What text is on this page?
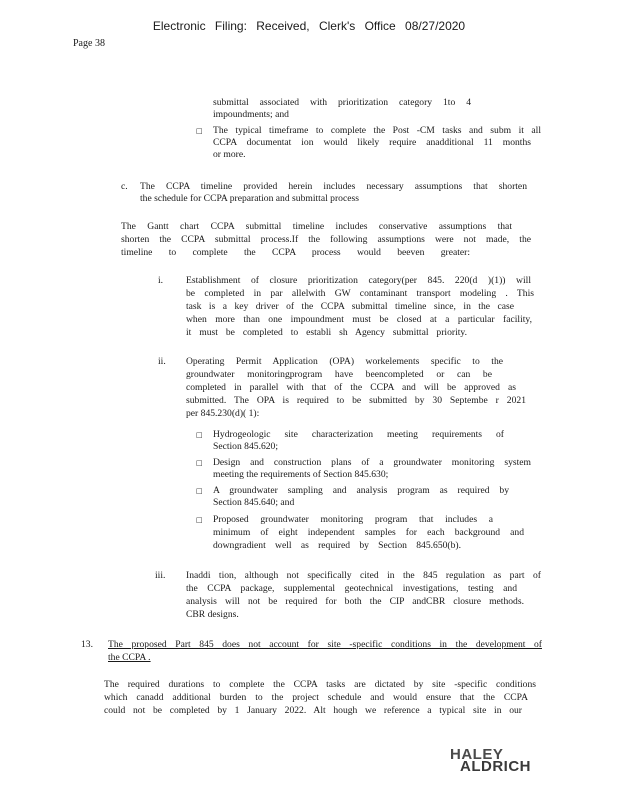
Electronic Filing: Received, Clerk's Office 08/27/2020
Page 38
submittal associated with prioritization category 1to 4
impoundments; and
□ The typical timeframe to complete the Post -CM tasks and subm it all
CCPA documentat ion would likely require anadditional 11 months
or more.
c. The CCPA timeline provided herein includes necessary assumptions that shorten
the schedule for CCPA preparation and submittal process
The Gantt chart CCPA submittal timeline includes conservative assumptions that
shorten the CCPA submittal process.If the following assumptions were not made, the
timeline to complete the CCPA process would beeven greater:
i. Establishment of closure prioritization category(per 845. 220(d )(1)) will
be completed in par allelwith GW contaminant transport modeling . This
task is a key driver of the CCPA submittal timeline since, in the case
when more than one impoundment must be closed at a particular facility,
it must be completed to establi sh Agency submittal priority.
ii. Operating Permit Application (OPA) workelements specific to the
groundwater monitoringprogram have beencompleted or can be
completed in parallel with that of the CCPA and will be approved as
submitted. The OPA is required to be submitted by 30 Septembe r 2021
per 845.230(d)( 1):
□ Hydrogeologic site characterization meeting requirements of
Section 845.620;
□ Design and construction plans of a groundwater monitoring system
meeting the requirements of Section 845.630;
□ A groundwater sampling and analysis program as required by
Section 845.640; and
□ Proposed groundwater monitoring program that includes a
minimum of eight independent samples for each background and
downgradient well as required by Section 845.650(b).
iii. Inaddi tion, although not specifically cited in the 845 regulation as part of
the CCPA package, supplemental geotechnical investigations, testing and
analysis will not be required for both the CIP andCBR closure methods.
CBR designs.
13. The proposed Part 845 does not account for site -specific conditions in the development of
the CCPA .
The required durations to complete the CCPA tasks are dictated by site -specific conditions
which canadd additional burden to the project schedule and would ensure that the CCPA
could not be completed by 1 January 2022. Alt hough we reference a typical site in our
HALEY
ALDRICH
